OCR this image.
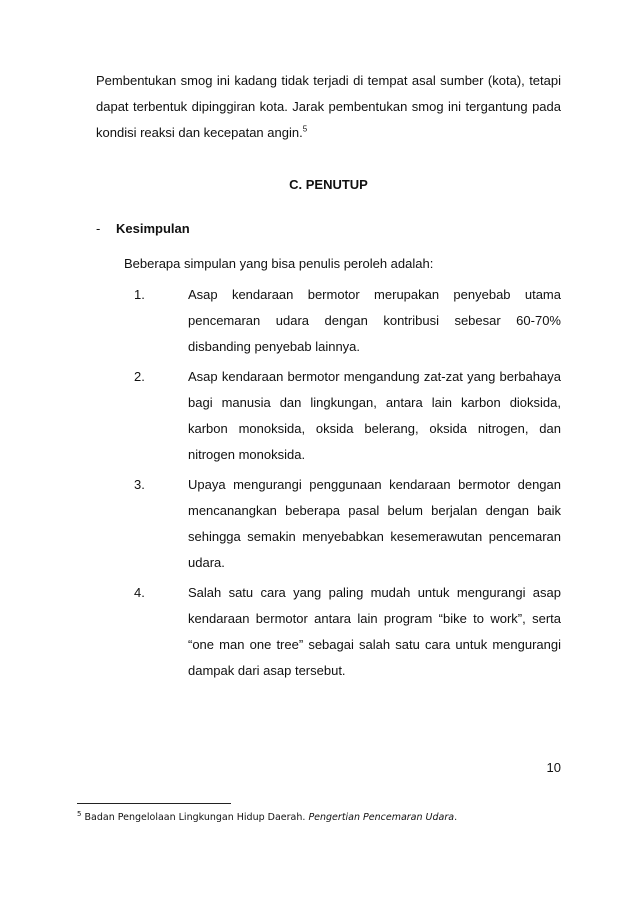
Pembentukan smog ini kadang tidak terjadi di tempat asal sumber (kota), tetapi dapat terbentuk dipinggiran kota. Jarak pembentukan smog ini tergantung pada kondisi reaksi dan kecepatan angin.$^5$

C. PENUTUP
- Kesimpulan
Beberapa simpulan yang bisa penulis peroleh adalah:
1.	Asap kendaraan bermotor merupakan penyebab utama pencemaran udara dengan kontribusi sebesar 60-70% disbanding penyebab lainnya.
2.	Asap kendaraan bermotor mengandung zat-zat yang berbahaya bagi manusia dan lingkungan, antara lain karbon dioksida, karbon monoksida, oksida belerang, oksida nitrogen, dan nitrogen monoksida.
3.	Upaya mengurangi penggunaan kendaraan bermotor dengan mencanangkan beberapa pasal belum berjalan dengan baik sehingga semakin menyebabkan kesemerawutan pencemaran udara.
4.	Salah satu cara yang paling mudah untuk mengurangi asap kendaraan bermotor antara lain program “bike to work”, serta “one man one tree” sebagai salah satu cara untuk mengurangi dampak dari asap tersebut.
10
$^5$ Badan Pengelolaan Lingkungan Hidup Daerah. Pengertian Pencemaran Udara.
